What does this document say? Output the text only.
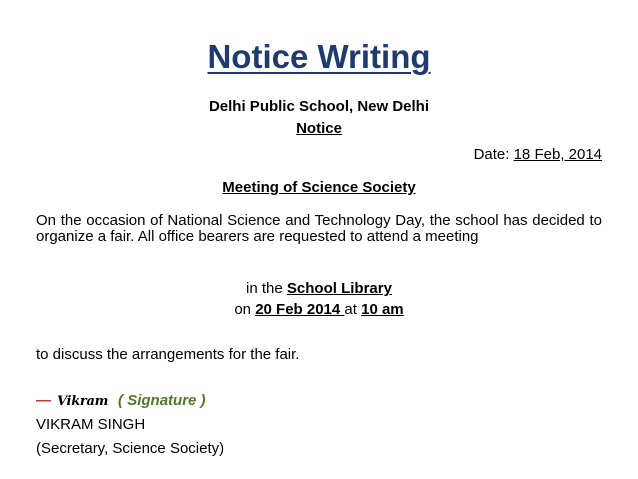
Notice Writing
Delhi Public School, New Delhi
Notice
Date: 18 Feb, 2014
Meeting of Science Society
On the occasion of National Science and Technology Day, the school has decided to organize a fair. All office bearers are requested to attend a meeting
in the School Library
on 20 Feb 2014 at 10 am
to discuss the arrangements for the fair.
— Vikram ( Signature )
VIKRAM SINGH
(Secretary, Science Society)
